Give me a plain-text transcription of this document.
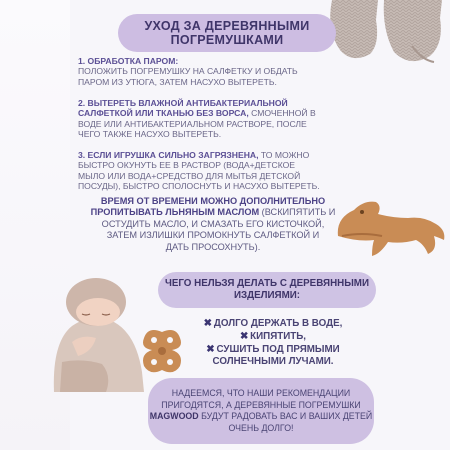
УХОД ЗА ДЕРЕВЯННЫМИ
ПОГРЕМУШКАМИ
1. ОБРАБОТКА ПАРОМ:
ПОЛОЖИТЬ ПОГРЕМУШКУ НА САЛФЕТКУ И ОБДАТЬ
ПАРОМ ИЗ УТЮГА, ЗАТЕМ НАСУХО ВЫТЕРЕТЬ.
2. ВЫТЕРЕТЬ ВЛАЖНОЙ АНТИБАКТЕРИАЛЬНОЙ
САЛФЕТКОЙ ИЛИ ТКАНЬЮ БЕЗ ВОРСА, СМОЧЕННОЙ В
ВОДЕ ИЛИ АНТИБАКТЕРИАЛЬНОМ РАСТВОРЕ, ПОСЛЕ
ЧЕГО ТАКЖЕ НАСУХО ВЫТЕРЕТЬ.
3. ЕСЛИ ИГРУШКА СИЛЬНО ЗАГРЯЗНЕНА, ТО МОЖНО
БЫСТРО ОКУНУТЬ ЕЕ В РАСТВОР (ВОДА+ДЕТСКОЕ
МЫЛО ИЛИ ВОДА+СРЕДСТВО ДЛЯ МЫТЬЯ ДЕТСКОЙ
ПОСУДЫ), БЫСТРО СПОЛОСНУТЬ И НАСУХО ВЫТЕРЕТЬ.
ВРЕМЯ ОТ ВРЕМЕНИ МОЖНО ДОПОЛНИТЕЛЬНО
ПРОПИТЫВАТЬ ЛЬНЯНЫМ МАСЛОМ (ВСКИПЯТИТЬ И
ОСТУДИТЬ МАСЛО, И СМАЗАТЬ ЕГО КИСТОЧКОЙ,
ЗАТЕМ ИЗЛИШКИ ПРОМОКНУТЬ САЛФЕТКОЙ И
ДАТЬ ПРОСОХНУТЬ).
ЧЕГО НЕЛЬЗЯ ДЕЛАТЬ С ДЕРЕВЯННЫМИ
ИЗДЕЛИЯМИ:
✖ ДОЛГО ДЕРЖАТЬ В ВОДЕ,
✖ КИПЯТИТЬ,
✖ СУШИТЬ ПОД ПРЯМЫМИ
СОЛНЕЧНЫМИ ЛУЧАМИ.
НАДЕЕМСЯ, ЧТО НАШИ РЕКОМЕНДАЦИИ
ПРИГОДЯТСЯ, А ДЕРЕВЯННЫЕ ПОГРЕМУШКИ
MAGWOOD БУДУТ РАДОВАТЬ ВАС И ВАШИХ ДЕТЕЙ
ОЧЕНЬ ДОЛГО!
